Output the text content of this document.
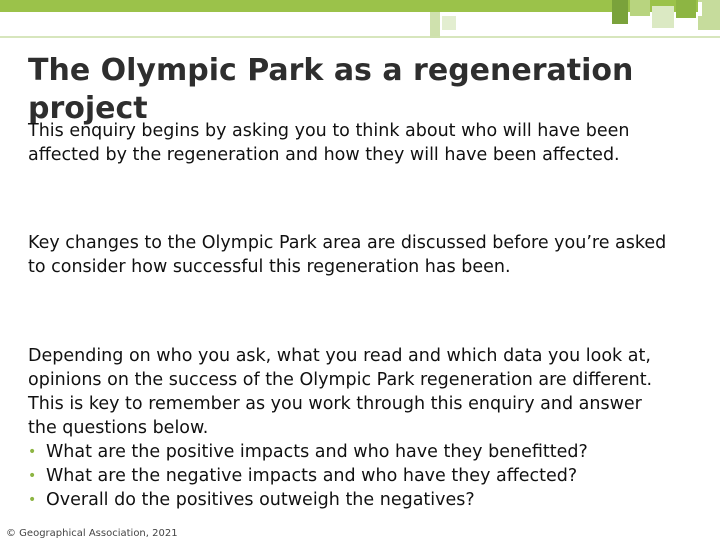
The Olympic Park as a regeneration project

This enquiry begins by asking you to think about who will have been affected by the regeneration and how they will have been affected.

Key changes to the Olympic Park area are discussed before you’re asked to consider how successful this regeneration has been.

Depending on who you ask, what you read and which data you look at, opinions on the success of the Olympic Park regeneration are different. This is key to remember as you work through this enquiry and answer the questions below.

• What are the positive impacts and who have they benefitted?
• What are the negative impacts and who have they affected?
• Overall do the positives outweigh the negatives?
© Geographical Association, 2021
